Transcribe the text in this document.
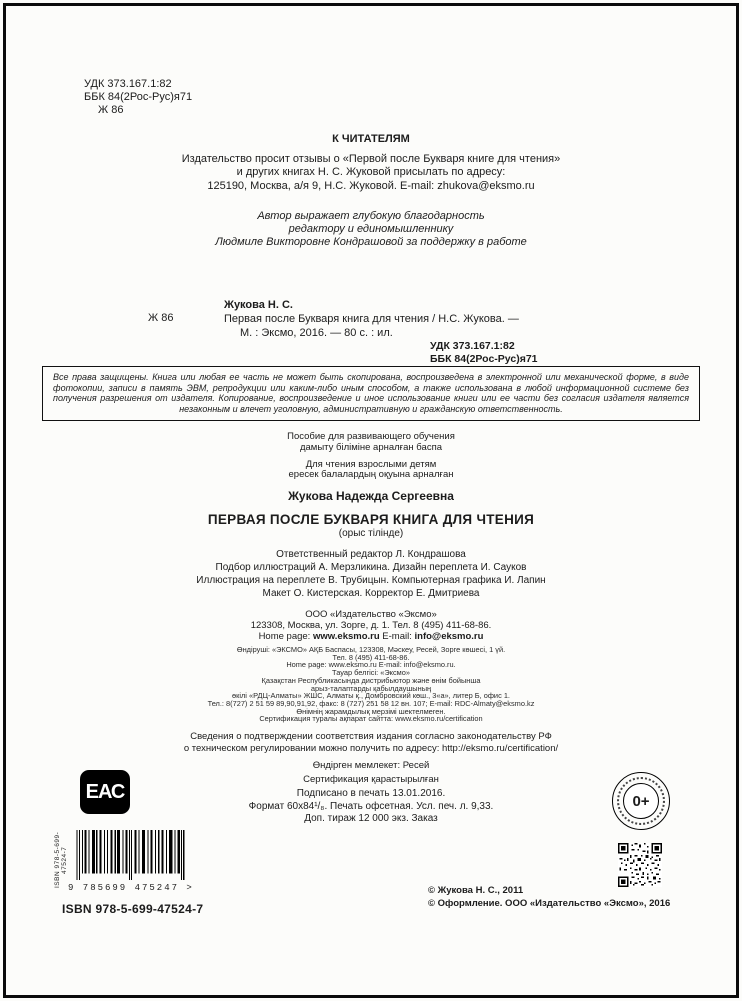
УДК 373.167.1:82
ББК 84(2Рос-Рус)я71
Ж 86
К ЧИТАТЕЛЯМ
Издательство просит отзывы о «Первой после Букваря книге для чтения»
и других книгах Н. С. Жуковой присылать по адресу:
125190, Москва, а/я 9, Н.С. Жуковой. E-mail: zhukova@eksmo.ru
Автор выражает глубокую благодарность
редактору и единомышленнику
Людмиле Викторовне Кондрашовой за поддержку в работе
Ж 86
Жукова Н. С.
Первая после Букваря книга для чтения / Н.С. Жукова. —
М. : Эксмо, 2016. — 80 с. : ил.
УДК 373.167.1:82
ББК 84(2Рос-Рус)я71
Все права защищены. Книга или любая ее часть не может быть скопирована, воспроизведена в электронной или механической форме, в виде фотокопии, записи в память ЭВМ, репродукции или каким-либо иным способом, а также использована в любой информационной системе без получения разрешения от издателя. Копирование, воспроизведение и иное использование книги или ее части без согласия издателя является незаконным и влечет уголовную, административную и гражданскую ответственность.
Пособие для развивающего обучения
дамыту біліміне арналған баспа
Для чтения взрослыми детям
ересек балалардың оқуына арналған
Жукова Надежда Сергеевна
ПЕРВАЯ ПОСЛЕ БУКВАРЯ КНИГА ДЛЯ ЧТЕНИЯ
(орыс тілінде)
Ответственный редактор Л. Кондрашова
Подбор иллюстраций А. Мерзликина. Дизайн переплета И. Сауков
Иллюстрация на переплете В. Трубицын. Компьютерная графика И. Лапин
Макет О. Кистерская. Корректор Е. Дмитриева
ООО «Издательство «Эксмо»
123308, Москва, ул. Зорге, д. 1. Тел. 8 (495) 411-68-86.
Home page: www.eksmo.ru E-mail: info@eksmo.ru
Өндіруші: «ЭКСМО» АҚБ Баспасы, 123308, Мәскеу, Ресей, Зорге көшесі, 1 үй.
Тел. 8 (495) 411-68-86.
Home page: www.eksmo.ru E-mail: info@eksmo.ru.
Тауар белгісі: «Эксмо»
Қазақстан Республикасында дистрибьютор және өнім бойынша
арыз-талаптарды қабылдаушының
өкілі «РДЦ-Алматы» ЖШС, Алматы қ., Домбровский көш., 3«а», литер Б, офис 1.
Тел.: 8(727) 2 51 59 89,90,91,92, факс: 8 (727) 251 58 12 вн. 107; E-mail: RDC-Almaty@eksmo.kz
Өнімнің жарамдылық мерзімі шектелмеген.
Сертификация туралы ақпарат сайтта: www.eksmo.ru/certification
Сведения о подтверждении соответствия издания согласно законодательству РФ
о техническом регулировании можно получить по адресу: http://eksmo.ru/certification/
Өндірген мемлекет: Ресей
Сертификация қарастырылған
Подписано в печать 13.01.2016.
Формат 60х84¹/₈. Печать офсетная. Усл. печ. л. 9,33.
Доп. тираж 12 000 экз. Заказ
ЕАС	0+
ISBN 978-5-699-47524-7
9 785699 475247 >	© Жукова Н. С., 2011
© Оформление. ООО «Издательство «Эксмо», 2016
ISBN 978-5-699-47524-7
